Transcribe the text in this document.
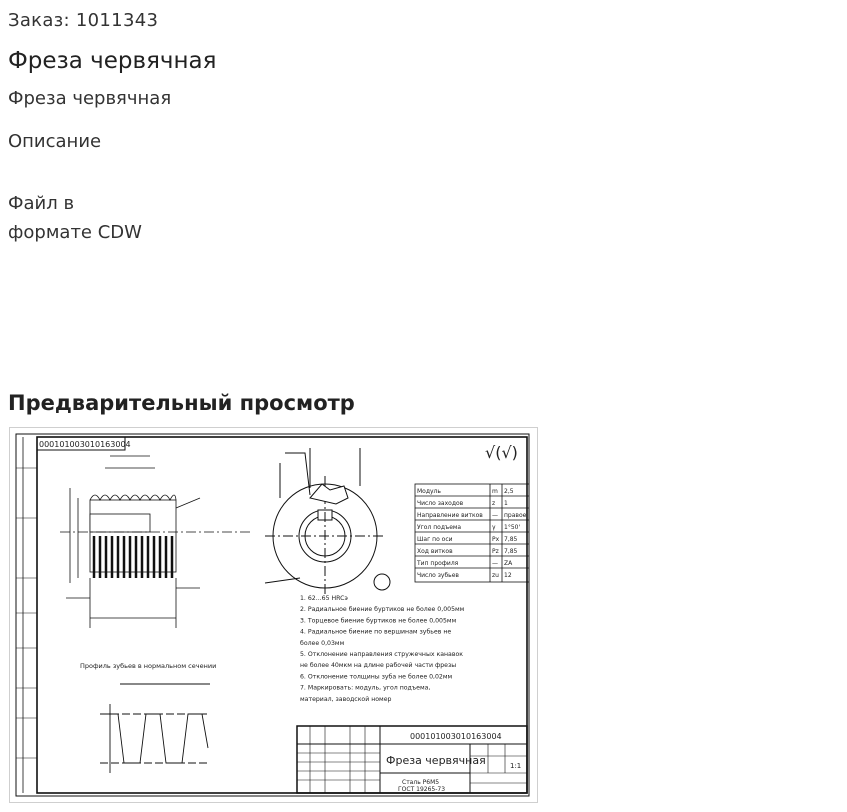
Заказ: 1011343
Фреза червячная
Фреза червячная
Описание
Файл в
формате CDW
Предварительный просмотр
000101003010163004	√(√)
Модуль	m 2,5
Число заходов	z 1
Направление витков — правое
Угол подъема	γ 1°50'
Шаг по оси	Px 7,85
Ход витков	Pz 7,85
Тип профиля	— ZA
Число зубьев	zu 12
1. 62...65 HRCэ
2. Радиальное биение буртиков не более 0,005мм
3. Торцевое биение буртиков не более 0,005мм
4. Радиальное биение по вершинам зубьев не
более 0,03мм
5. Отклонение направления стружечных канавок
не более 40мкм на длине рабочей части фрезы
6. Отклонение толщины зуба не более 0,02мм
7. Маркировать: модуль, угол подъема,
материал, заводской номер
Профиль зубьев в нормальном сечении
000101003010163004
Фреза червячная
Сталь Р6М5
ГОСТ 19265-73
1:1
